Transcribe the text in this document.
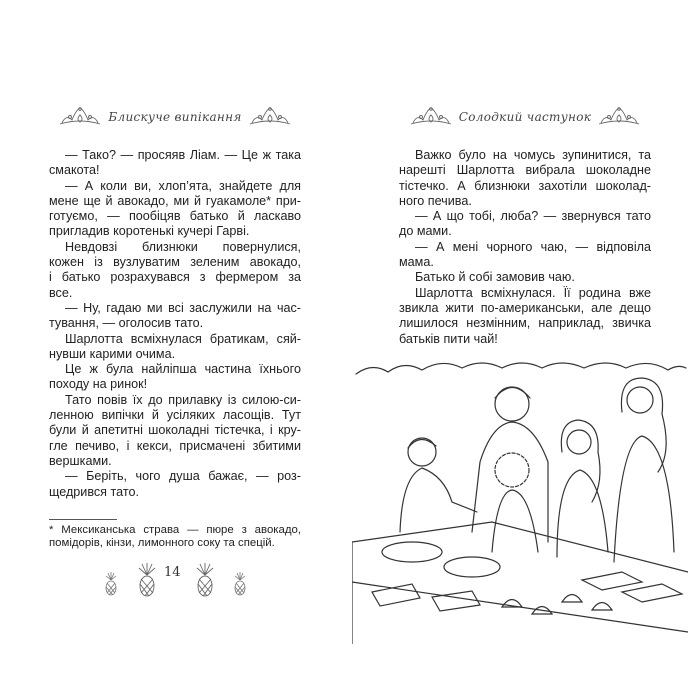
Блискуче випікання	Солодкий частунок
— Тако? — просяяв Ліам. — Це ж така
смакота!
— А коли ви, хлоп’ята, знайдете для
мене ще й авокадо, ми й гуакамоле* при-
готуємо, — пообіцяв батько й ласкаво
пригладив коротенькі кучері Гарві.
Невдовзі близнюки повернулися,
кожен із вузлуватим зеленим авокадо,
і батько розрахувався з фермером за
все.
— Ну, гадаю ми всі заслужили на час-
тування, — оголосив тато.
Шарлотта всміхнулася братикам, сяй-
нувши карими очима.
Це ж була найліпша частина їхнього
походу на ринок!
Тато повів їх до прилавку із силою-си-
ленною випічки й усіляких ласощів. Тут
були й апетитні шоколадні тістечка, і кру-
гле печиво, і кекси, присмачені збитими
вершками.
— Беріть, чого душа бажає, — роз-
щедрився тато.
Важко було на чомусь зупинитися, та
нарешті Шарлотта вибрала шоколадне
тістечко. А близнюки захотіли шоколад-
ного печива.
— А що тобі, люба? — звернувся тато
до мами.
— А мені чорного чаю, — відповіла
мама.
Батько й собі замовив чаю.
Шарлотта всміхнулася. Її родина вже
звикла жити по-американськи, але дещо
лишилося незмінним, наприклад, звичка
батьків пити чай!
* Мексиканська страва — пюре з авокадо,
помідорів, кінзи, лимонного соку та спецій.
14
